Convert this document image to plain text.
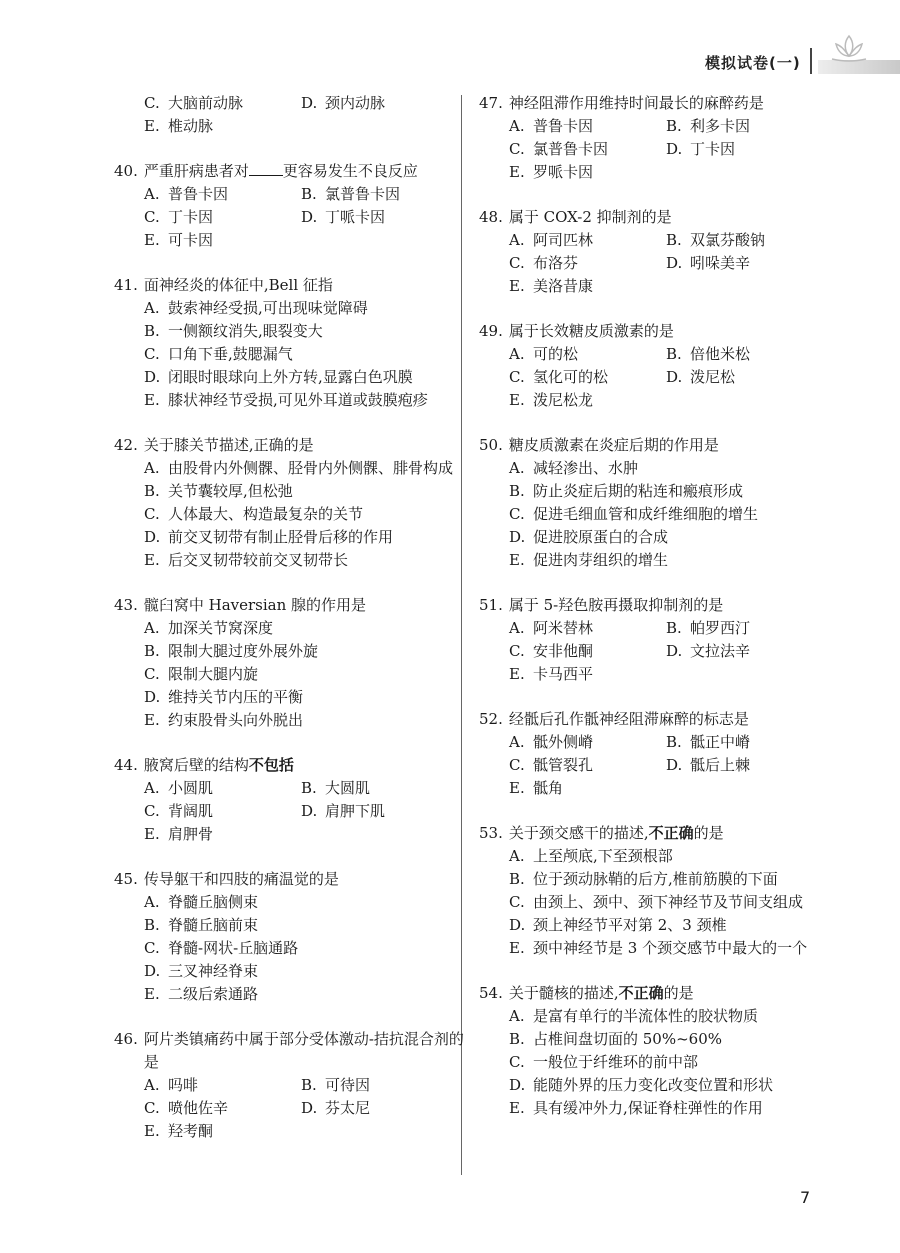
模拟试卷(一)
C. 大脑前动脉	D. 颈内动脉
E. 椎动脉
40. 严重肝病患者对 更容易发生不良反应
A. 普鲁卡因	B. 氯普鲁卡因
C. 丁卡因	D. 丁哌卡因
E. 可卡因
41. 面神经炎的体征中,Bell 征指
A. 鼓索神经受损,可出现味觉障碍
B. 一侧额纹消失,眼裂变大
C. 口角下垂,鼓腮漏气
D. 闭眼时眼球向上外方转,显露白色巩膜
E. 膝状神经节受损,可见外耳道或鼓膜疱疹
42. 关于膝关节描述,正确的是
A. 由股骨内外侧髁、胫骨内外侧髁、腓骨构成
B. 关节囊较厚,但松弛
C. 人体最大、构造最复杂的关节
D. 前交叉韧带有制止胫骨后移的作用
E. 后交叉韧带较前交叉韧带长
43. 髋臼窝中 Haversian 腺的作用是
A. 加深关节窝深度
B. 限制大腿过度外展外旋
C. 限制大腿内旋
D. 维持关节内压的平衡
E. 约束股骨头向外脱出
44. 腋窝后壁的结构不包括
A. 小圆肌	B. 大圆肌
C. 背阔肌	D. 肩胛下肌
E. 肩胛骨
45. 传导躯干和四肢的痛温觉的是
A. 脊髓丘脑侧束
B. 脊髓丘脑前束
C. 脊髓-网状-丘脑通路
D. 三叉神经脊束
E. 二级后索通路
46. 阿片类镇痛药中属于部分受体激动-拮抗混合剂的是
A. 吗啡	B. 可待因
C. 喷他佐辛	D. 芬太尼
E. 羟考酮
47. 神经阻滞作用维持时间最长的麻醉药是
A. 普鲁卡因	B. 利多卡因
C. 氯普鲁卡因	D. 丁卡因
E. 罗哌卡因
48. 属于 COX-2 抑制剂的是
A. 阿司匹林	B. 双氯芬酸钠
C. 布洛芬	D. 吲哚美辛
E. 美洛昔康
49. 属于长效糖皮质激素的是
A. 可的松	B. 倍他米松
C. 氢化可的松	D. 泼尼松
E. 泼尼松龙
50. 糖皮质激素在炎症后期的作用是
A. 减轻渗出、水肿
B. 防止炎症后期的粘连和瘢痕形成
C. 促进毛细血管和成纤维细胞的增生
D. 促进胶原蛋白的合成
E. 促进肉芽组织的增生
51. 属于 5-羟色胺再摄取抑制剂的是
A. 阿米替林	B. 帕罗西汀
C. 安非他酮	D. 文拉法辛
E. 卡马西平
52. 经骶后孔作骶神经阻滞麻醉的标志是
A. 骶外侧嵴	B. 骶正中嵴
C. 骶管裂孔	D. 骶后上棘
E. 骶角
53. 关于颈交感干的描述,不正确的是
A. 上至颅底,下至颈根部
B. 位于颈动脉鞘的后方,椎前筋膜的下面
C. 由颈上、颈中、颈下神经节及节间支组成
D. 颈上神经节平对第 2、3 颈椎
E. 颈中神经节是 3 个颈交感节中最大的一个
54. 关于髓核的描述,不正确的是
A. 是富有单行的半流体性的胶状物质
B. 占椎间盘切面的 50%~60%
C. 一般位于纤维环的前中部
D. 能随外界的压力变化改变位置和形状
E. 具有缓冲外力,保证脊柱弹性的作用
7
